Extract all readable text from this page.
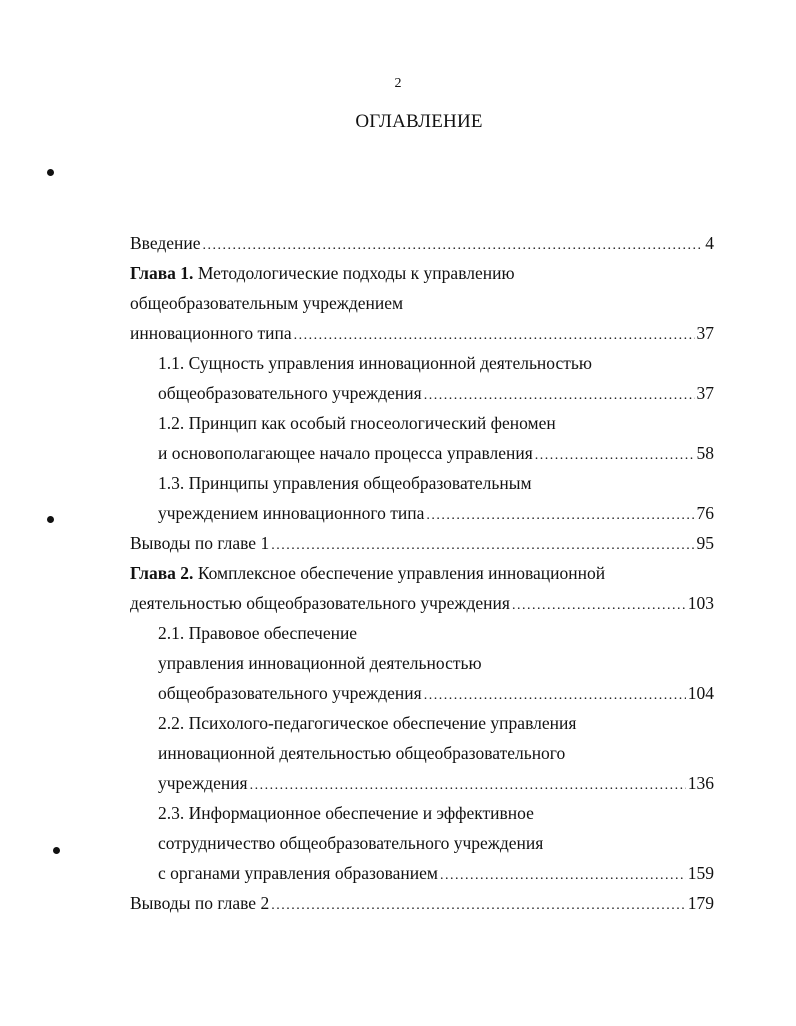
2
ОГЛАВЛЕНИЕ
Введение .....	4
Глава 1. Методологические подходы к управлению
общеобразовательным учреждением
инновационного типа .....	37
1.1. Сущность управления инновационной деятельностью
общеобразовательного учреждения .....	37
1.2. Принцип как особый гносеологический феномен
и основополагающее начало процесса управления .....	58
1.3. Принципы управления общеобразовательным
учреждением инновационного типа .....	76
Выводы по главе 1 .....	95
Глава 2. Комплексное обеспечение управления инновационной
деятельностью общеобразовательного учреждения .....	103
2.1. Правовое обеспечение
управления инновационной деятельностью
общеобразовательного учреждения .....	104
2.2. Психолого-педагогическое обеспечение управления
инновационной деятельностью общеобразовательного
учреждения .....	136
2.3. Информационное обеспечение и эффективное
сотрудничество общеобразовательного учреждения
с органами управления образованием .....	159
Выводы по главе 2 .....	179
